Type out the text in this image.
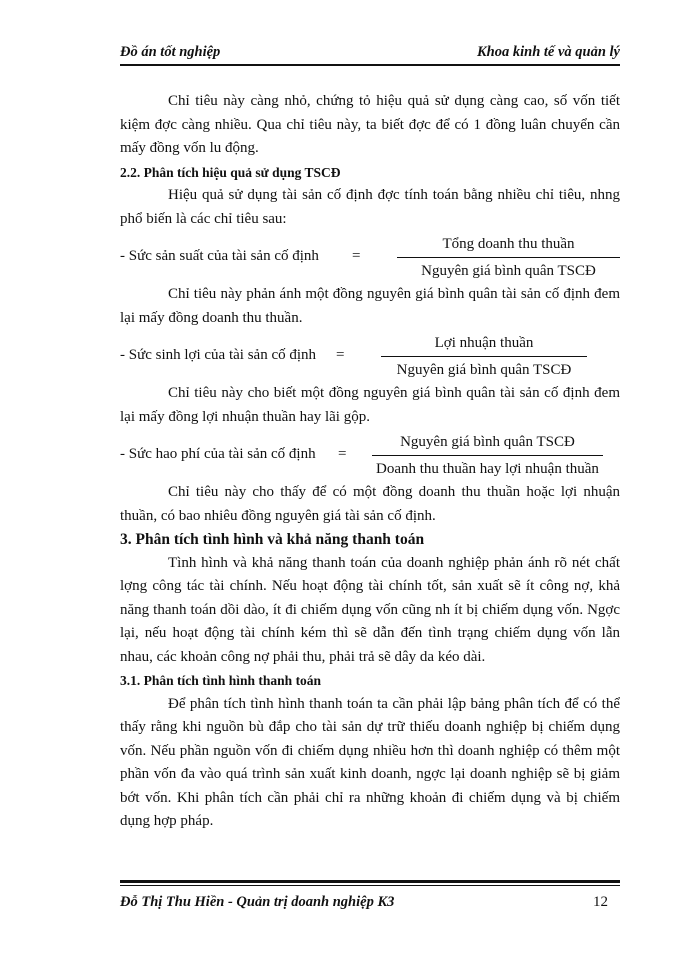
Đồ án tốt nghiệp	Khoa kinh tế và quản lý

Chỉ tiêu này càng nhỏ, chứng tỏ hiệu quả sử dụng càng cao, số vốn tiết kiệm đợc càng nhiều. Qua chỉ tiêu này, ta biết đợc để có 1 đồng luân chuyển cần mấy đồng vốn lu động.

2.2. Phân tích hiệu quả sử dụng TSCĐ

Hiệu quả sử dụng tài sản cố định đợc tính toán bằng nhiều chỉ tiêu, nhng phổ biến là các chỉ tiêu sau:

- Sức sản suất của tài sản cố định	=	$\frac{\text{Tổng doanh thu thuần}}{\text{Nguyên giá bình quân TSCĐ}}$

Chỉ tiêu này phản ánh một đồng nguyên giá bình quân tài sản cố định đem lại mấy đồng doanh thu thuần.

- Sức sinh lợi của tài sản cố định	=	$\frac{\text{Lợi nhuận thuần}}{\text{Nguyên giá bình quân TSCĐ}}$

Chỉ tiêu này cho biết một đồng nguyên giá bình quân tài sản cố định đem lại mấy đồng lợi nhuận thuần hay lãi gộp.

- Sức hao phí của tài sản cố định	=	$\frac{\text{Nguyên giá bình quân TSCĐ}}{\text{Doanh thu thuần hay lợi nhuận thuần}}$

Chỉ tiêu này cho thấy để có một đồng doanh thu thuần hoặc lợi nhuận thuần, có bao nhiêu đồng nguyên giá tài sản cố định.

3. Phân tích tình hình và khả năng thanh toán

Tình hình và khả năng thanh toán của doanh nghiệp phản ánh rõ nét chất lợng công tác tài chính. Nếu hoạt động tài chính tốt, sản xuất sẽ ít công nợ, khả năng thanh toán dồi dào, ít đi chiếm dụng vốn cũng nh ít bị chiếm dụng vốn. Ngợc lại, nếu hoạt động tài chính kém thì sẽ dẫn đến tình trạng chiếm dụng vốn lẫn nhau, các khoản công nợ phải thu, phải trả sẽ dây da kéo dài.

3.1. Phân tích tình hình thanh toán

Để phân tích tình hình thanh toán ta cần phải lập bảng phân tích để có thể thấy rằng khi nguồn bù đắp cho tài sản dự trữ thiếu doanh nghiệp bị chiếm dụng vốn. Nếu phần nguồn vốn đi chiếm dụng nhiều hơn thì doanh nghiệp có thêm một phần vốn đa vào quá trình sản xuất kinh doanh, ngợc lại doanh nghiệp sẽ bị giảm bớt vốn. Khi phân tích cần phải chỉ ra những khoản đi chiếm dụng và bị chiếm dụng hợp pháp.

Đỗ Thị Thu Hiền - Quản trị doanh nghiệp K3	12
